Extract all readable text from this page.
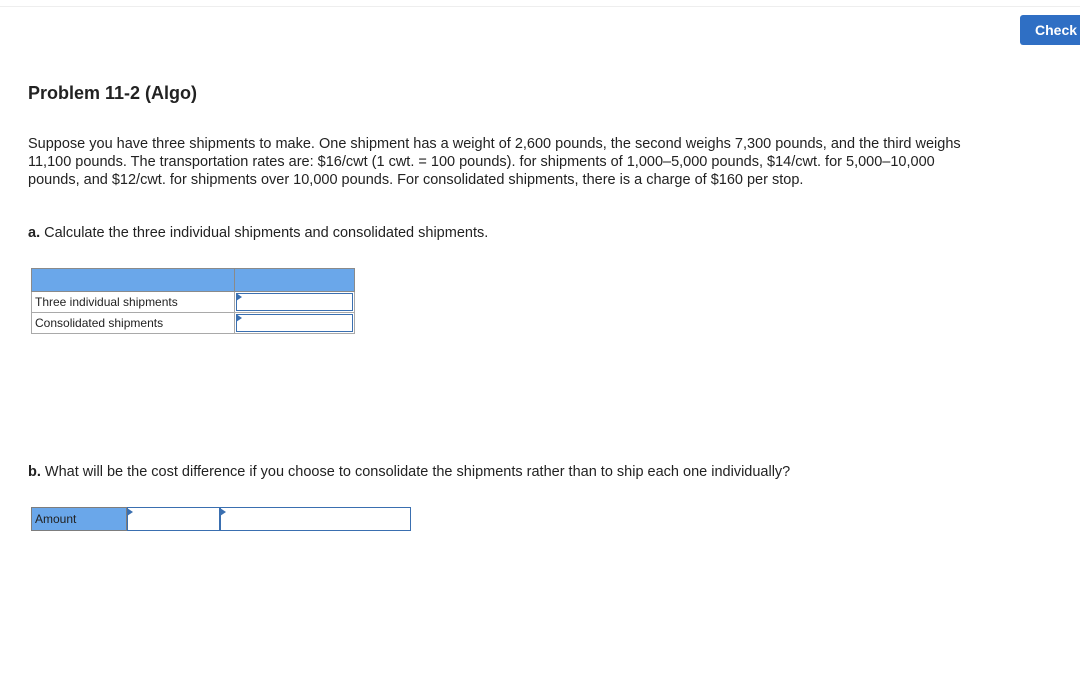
Check
Problem 11-2 (Algo)

Suppose you have three shipments to make. One shipment has a weight of 2,600 pounds, the second weighs 7,300 pounds, and the third weighs 11,100 pounds. The transportation rates are: $16/cwt (1 cwt. = 100 pounds). for shipments of 1,000–5,000 pounds, $14/cwt. for 5,000–10,000 pounds, and $12/cwt. for shipments over 10,000 pounds. For consolidated shipments, there is a charge of $160 per stop.

a. Calculate the three individual shipments and consolidated shipments.

Three individual shipments	

Consolidated shipments	

b. What will be the cost difference if you choose to consolidate the shipments rather than to ship each one individually?

Amount
